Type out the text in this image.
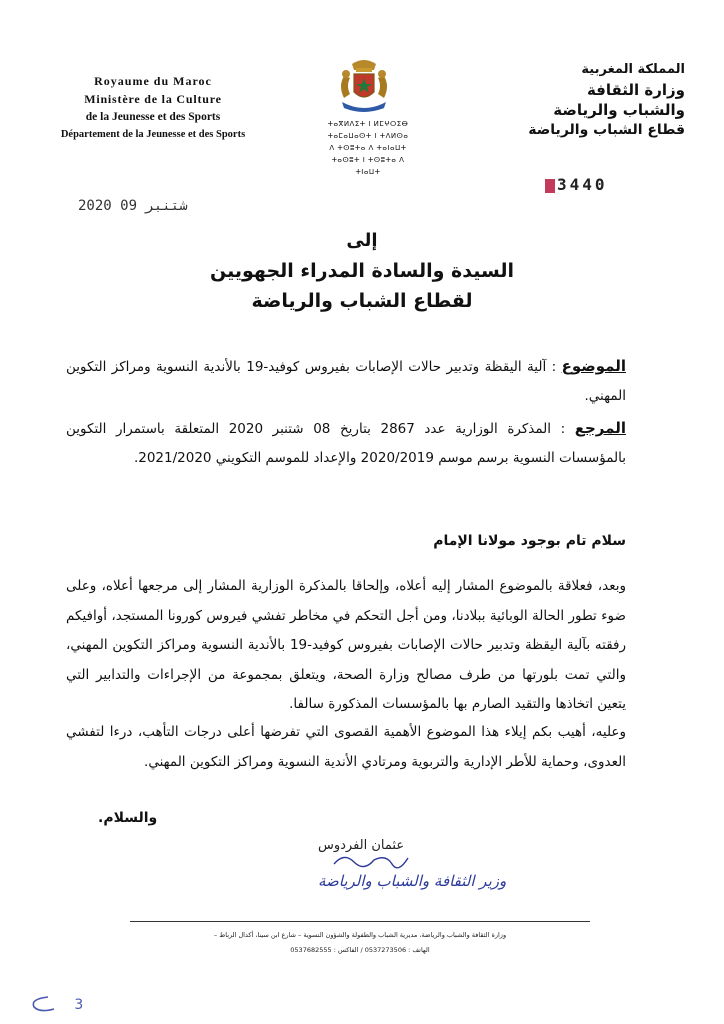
Royaume du Maroc
Ministère de la Culture
de la Jeunesse et des Sports
Département de la Jeunesse et des Sports
ⵜⴰⴳⵍⴷⵉⵜ ⵏ ⵍⵎⵖⵔⵉⴱ
ⵜⴰⵎⴰⵡⴰⵙⵜ ⵏ ⵜⴷⵍⵙⴰ
ⴷ ⵜⵙⵓⵜⴰ ⴷ ⵜⴰⵏⴰⵡⵜ
ⵜⴰⵙⵓⵜ ⵏ ⵜⵙⵓⵜⴰ ⴷ ⵜⵏⴰⵡⵜ
المملكة المغربية
وزارة الثقافة
والشباب والرياضة
قطاع الشباب والرياضة
2020 شتنبر 09
3440
إلى
السيدة والسادة المدراء الجهويين
لقطاع الشباب والرياضة
الموضوع : آلية اليقظة وتدبير حالات الإصابات بفيروس كوفيد-19 بالأندية النسوية ومراكز التكوين المهني.
المرجع : المذكرة الوزارية عدد 2867 بتاريخ 08 شتنبر 2020 المتعلقة باستمرار التكوين بالمؤسسات النسوية برسم موسم 2020/2019 والإعداد للموسم التكويني 2021/2020.
سلام تام بوجود مولانا الإمام
وبعد، فعلاقة بالموضوع المشار إليه أعلاه، وإلحاقا بالمذكرة الوزارية المشار إلى مرجعها أعلاه، وعلى ضوء تطور الحالة الوبائية ببلادنا، ومن أجل التحكم في مخاطر تفشي فيروس كورونا المستجد، أوافيكم رفقته بآلية اليقظة وتدبير حالات الإصابات بفيروس كوفيد-19 بالأندية النسوية ومراكز التكوين المهني، والتي تمت بلورتها من طرف مصالح وزارة الصحة، ويتعلق بمجموعة من الإجراءات والتدابير التي يتعين اتخاذها والتقيد الصارم بها بالمؤسسات المذكورة سالفا.
وعليه، أهيب بكم إيلاء هذا الموضوع الأهمية القصوى التي تفرضها أعلى درجات التأهب، درءا لتفشي العدوى، وحماية للأطر الإدارية والتربوية ومرتادي الأندية النسوية ومراكز التكوين المهني.
والسلام.
عثمان الفردوس
وزير الثقافة والشباب والرياضة
وزارة الثقافة والشباب والرياضة، مديرية الشباب والطفولة والشؤون النسوية – شارع ابن سينا، أكدال الرباط –
الهاتف : 0537273506 / الفاكس : 0537682555
3
